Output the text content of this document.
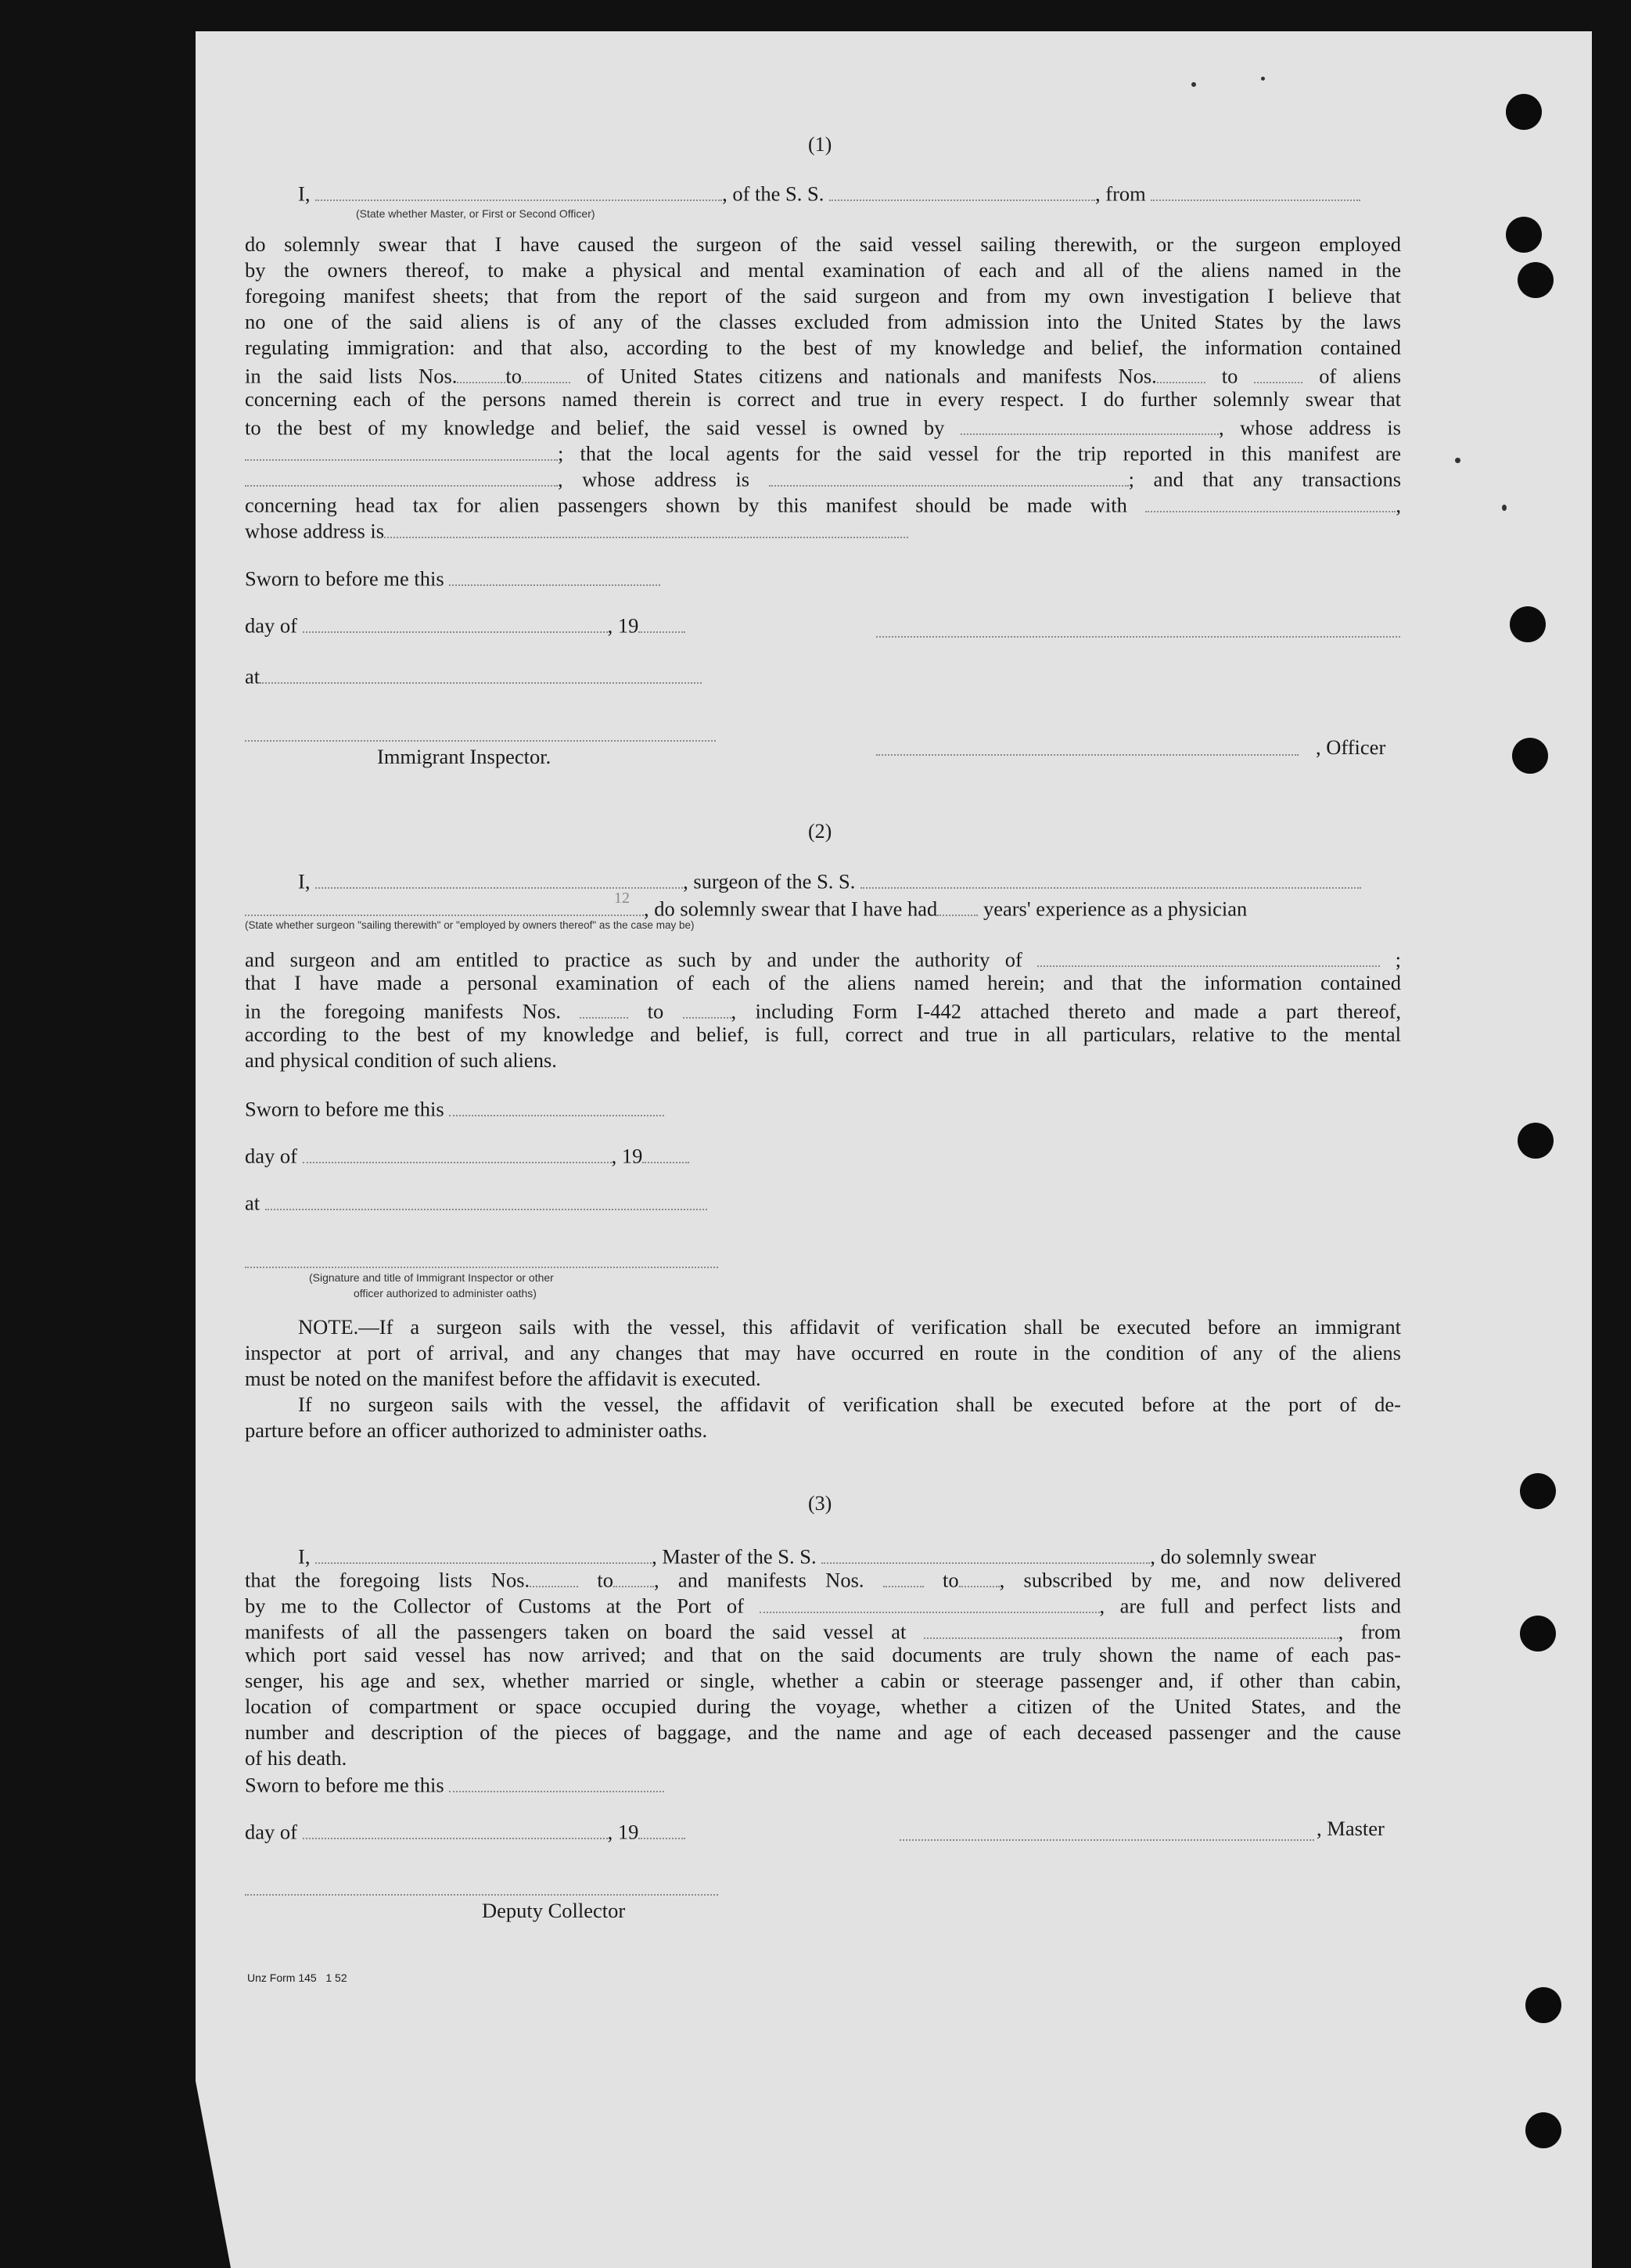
(1)
I,	, of the S. S.	, from
(State whether Master, or First or Second Officer)
do solemnly swear that I have caused the surgeon of the said vessel sailing therewith, or the surgeon employed
by the owners thereof, to make a physical and mental examination of each and all of the aliens named in the
foregoing manifest sheets; that from the report of the said surgeon and from my own investigation I believe that
no one of the said aliens is of any of the classes excluded from admission into the United States by the laws
regulating immigration: and that also, according to the best of my knowledge and belief, the information contained
in the said lists Nos. to	of United States citizens and nationals and manifests Nos.	to	of aliens
concerning each of the persons named therein is correct and true in every respect. I do further solemnly swear that
to the best of my knowledge and belief, the said vessel is owned by	, whose address is
; that the local agents for the said vessel for the trip reported in this manifest are
, whose address is	; and that any transactions
concerning head tax for alien passengers shown by this manifest should be made with	,
whose address is
Sworn to before me this
day of	, 19
at
Immigrant Inspector.	, Officer
(2)
I,	, surgeon of the S. S.
, do solemnly swear that I have had years' experience as a physician
12
(State whether surgeon "sailing therewith" or "employed by owners thereof" as the case may be)
and surgeon and am entitled to practice as such by and under the authority of	;
that I have made a personal examination of each of the aliens named herein; and that the information contained
in the foregoing manifests Nos.	to	, including Form I-442 attached thereto and made a part thereof,
according to the best of my knowledge and belief, is full, correct and true in all particulars, relative to the mental
and physical condition of such aliens.
Sworn to before me this
day of	, 19
at
(Signature and title of Immigrant Inspector or other
officer authorized to administer oaths)
NOTE.—If a surgeon sails with the vessel, this affidavit of verification shall be executed before an immigrant
inspector at port of arrival, and any changes that may have occurred en route in the condition of any of the aliens
must be noted on the manifest before the affidavit is executed.
If no surgeon sails with the vessel, the affidavit of verification shall be executed before at the port of de-
parture before an officer authorized to administer oaths.
(3)
I,	, Master of the S. S.	, do solemnly swear
that the foregoing lists Nos.	to , and manifests Nos.	to , subscribed by me, and now delivered
by me to the Collector of Customs at the Port of	, are full and perfect lists and
manifests of all the passengers taken on board the said vessel at	, from
which port said vessel has now arrived; and that on the said documents are truly shown the name of each pas-
senger, his age and sex, whether married or single, whether a cabin or steerage passenger and, if other than cabin,
location of compartment or space occupied during the voyage, whether a citizen of the United States, and the
number and description of the pieces of baggage, and the name and age of each deceased passenger and the cause
of his death.
Sworn to before me this
day of	, 19	, Master
Deputy Collector
Unz Form 145   1 52
